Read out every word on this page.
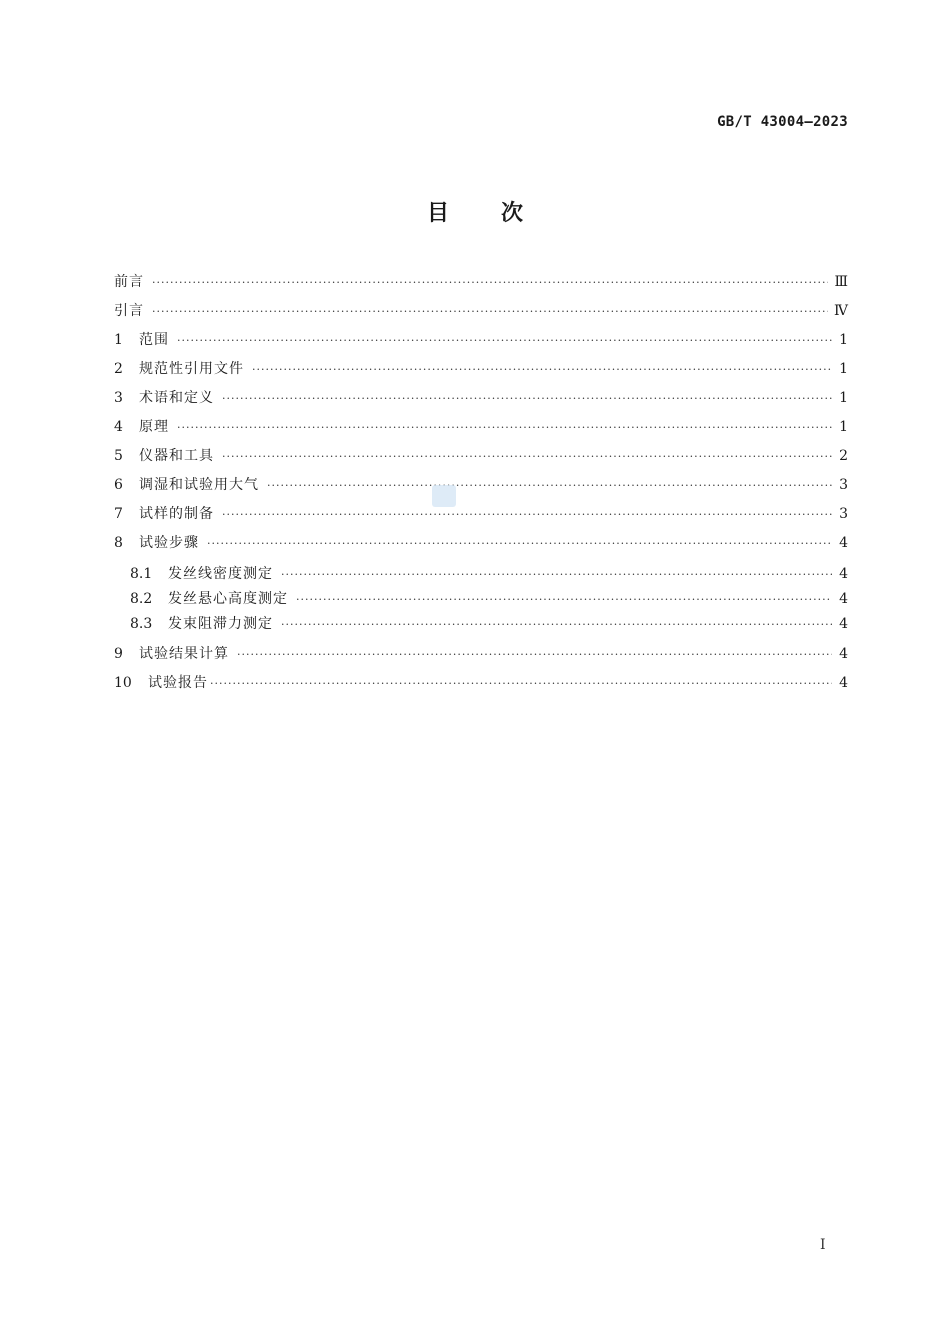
GB/T 43004—2023
目 次
前言 ·····	Ⅲ
引言 ·····	Ⅳ
1	范围 ·····	1
2	规范性引用文件 ·····	1
3	术语和定义 ·····	1
4	原理 ·····	1
5	仪器和工具 ·····	2
6	调湿和试验用大气 ·····	3
7	试样的制备 ·····	3
8	试验步骤 ·····	4
8.1	发丝线密度测定 ·····	4
8.2	发丝悬心高度测定 ·····	4
8.3	发束阻滞力测定 ·····	4
9	试验结果计算 ·····	4
10	试验报告 ·····	4
I
